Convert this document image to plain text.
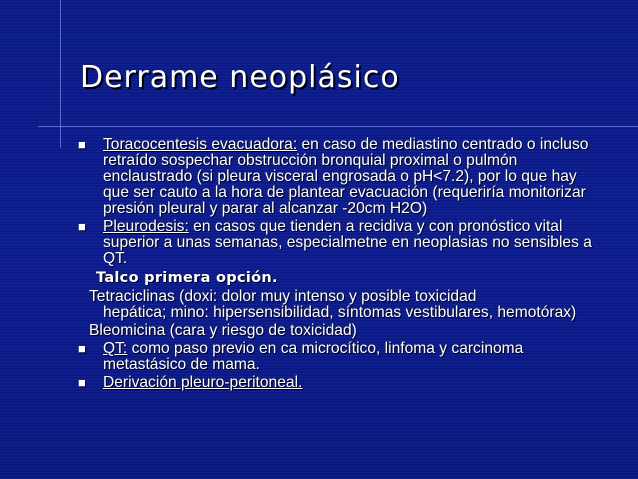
Derrame neoplásico
■ Toracocentesis evacuadora: en caso de mediastino centrado o incluso retraído sospechar obstrucción bronquial proximal o pulmón enclaustrado (si pleura visceral engrosada o pH<7.2), por lo que hay que ser cauto a la hora de plantear evacuación (requeriría monitorizar presión pleural y parar al alcanzar -20cm H2O)
■ Pleurodesis: en casos que tienden a recidiva y con pronóstico vital superior a unas semanas, especialmetne en neoplasias no sensibles a QT.
Talco primera opción.
Tetraciclinas (doxi: dolor muy intenso y posible toxicidad
hepática; mino: hipersensibilidad, síntomas vestibulares, hemotórax)
Bleomicina (cara y riesgo de toxicidad)
■ QT: como paso previo en ca microcítico, linfoma y carcinoma metastásico de mama.
■ Derivación pleuro-peritoneal.
